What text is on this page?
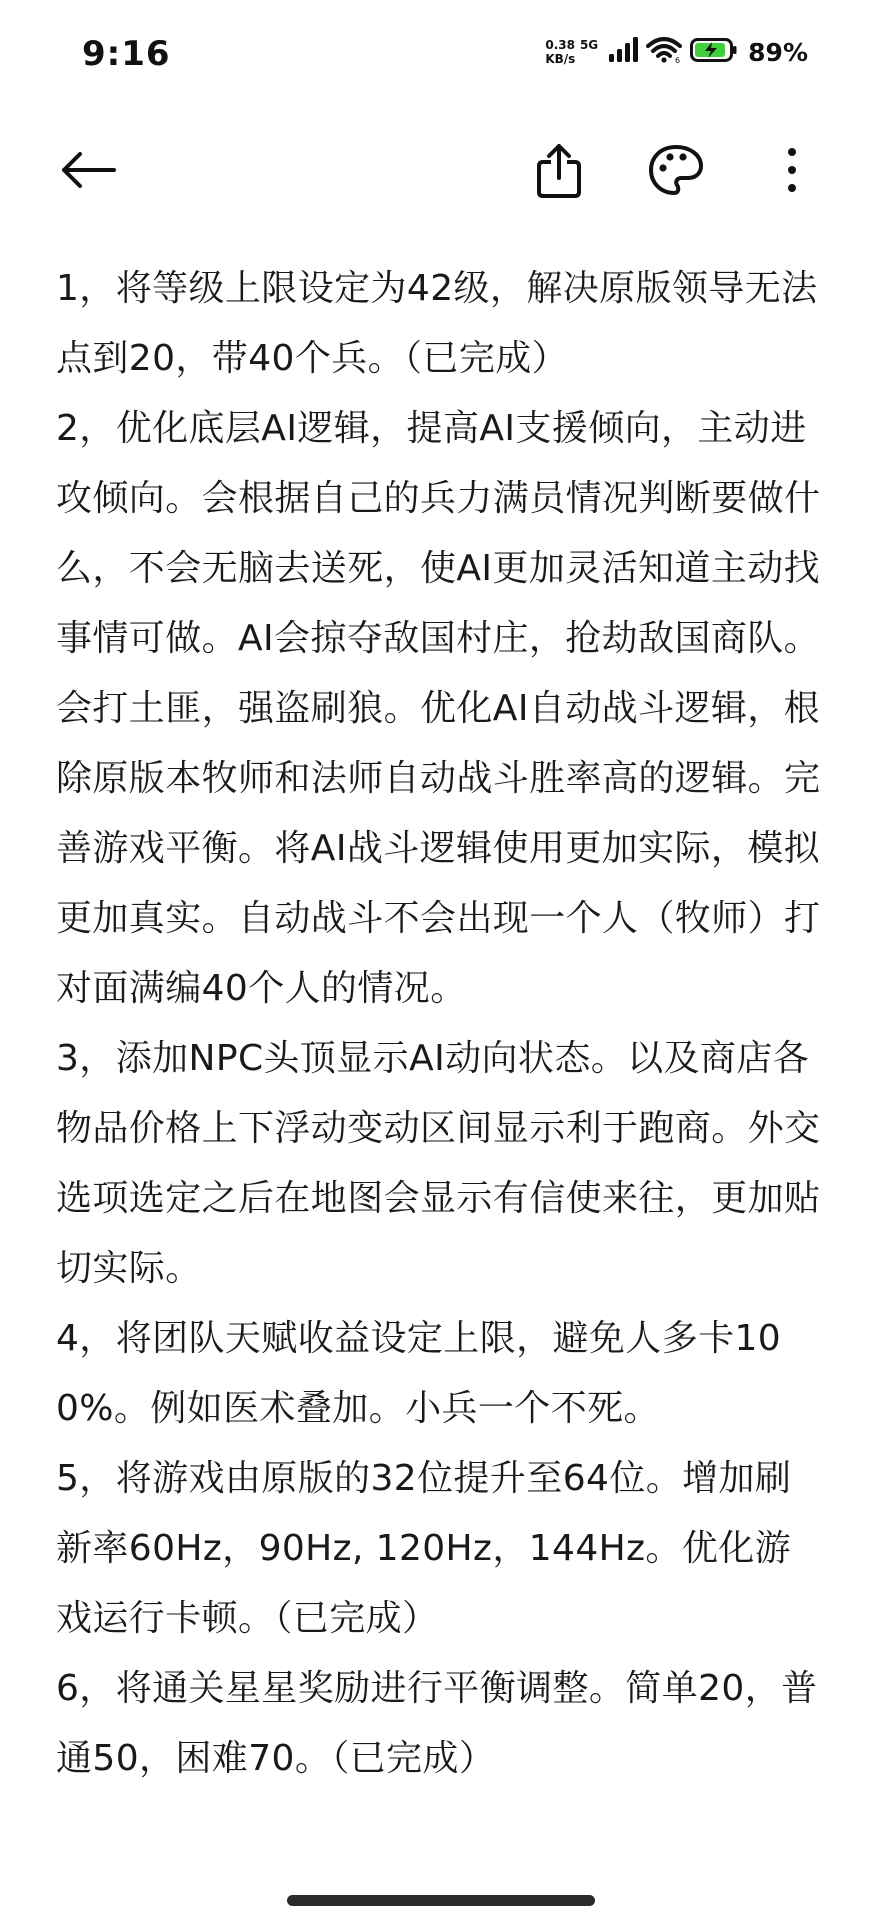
9:16	0.38 5G
KB/s	6	89%

1，将等级上限设定为42级，解决原版领导无法点到20，带40个兵。（已完成）

2，优化底层AI逻辑，提高AI支援倾向，主动进攻倾向。会根据自己的兵力满员情况判断要做什么，不会无脑去送死，使AI更加灵活知道主动找事情可做。AI会掠夺敌国村庄，抢劫敌国商队。会打土匪，强盗刷狼。优化AI自动战斗逻辑，根除原版本牧师和法师自动战斗胜率高的逻辑。完善游戏平衡。将AI战斗逻辑使用更加实际，模拟更加真实。自动战斗不会出现一个人（牧师）打对面满编40个人的情况。

3，添加NPC头顶显示AI动向状态。以及商店各物品价格上下浮动变动区间显示利于跑商。外交选项选定之后在地图会显示有信使来往，更加贴切实际。

4，将团队天赋收益设定上限，避免人多卡100%。例如医术叠加。小兵一个不死。

5，将游戏由原版的32位提升至64位。增加刷新率60Hz，90Hz, 120Hz，144Hz。优化游戏运行卡顿。（已完成）

6，将通关星星奖励进行平衡调整。简单20，普通50，困难70。（已完成）
